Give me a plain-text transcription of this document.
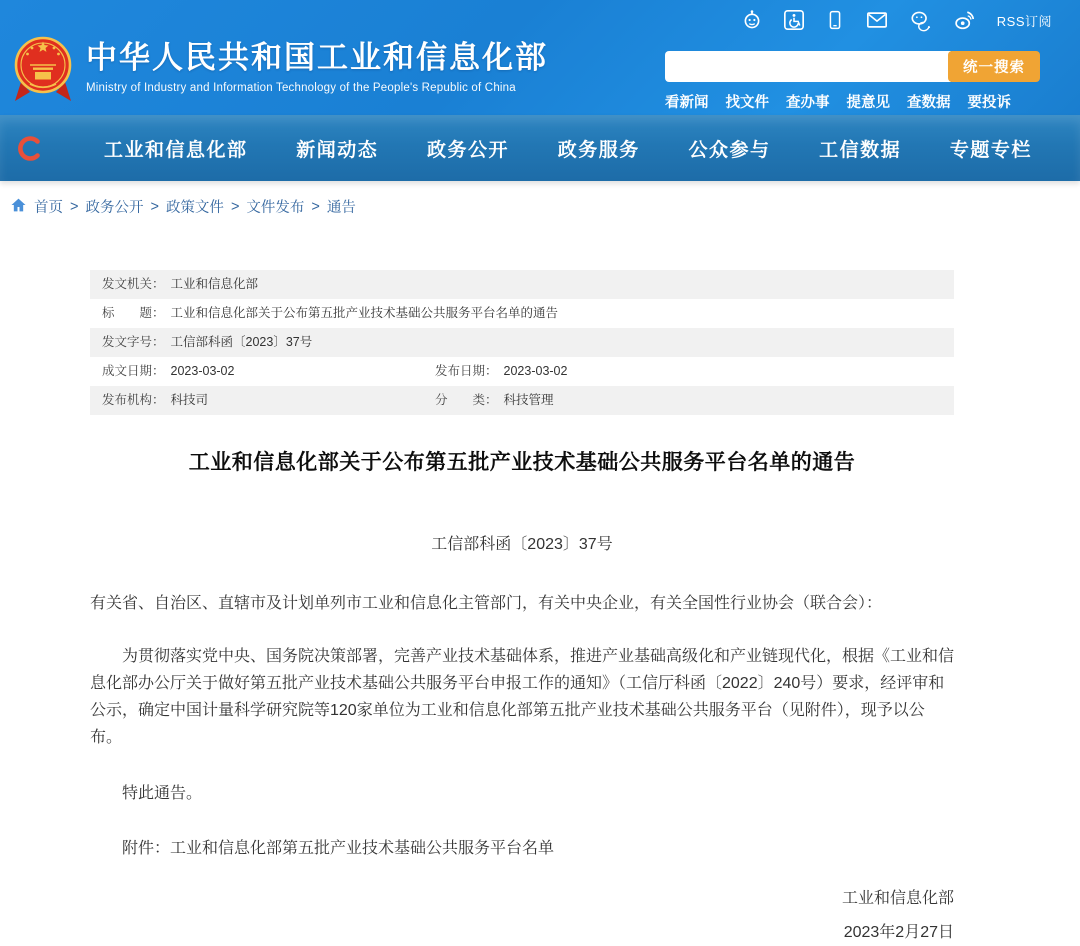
RSS订阅
中华人民共和国工业和信息化部
Ministry of Industry and Information Technology of the People's Republic of China
统一搜索
看新闻 找文件 查办事 提意见 查数据 要投诉
工业和信息化部	新闻动态	政务公开	政务服务	公众参与	工信数据	专题专栏
首页 > 政务公开 > 政策文件 > 文件发布 > 通告
发文机关： 工业和信息化部
标　　题： 工业和信息化部关于公布第五批产业技术基础公共服务平台名单的通告
发文字号： 工信部科函〔2023〕37号
成文日期： 2023-03-02	发布日期： 2023-03-02
发布机构： 科技司	分　　类： 科技管理
工业和信息化部关于公布第五批产业技术基础公共服务平台名单的通告
工信部科函〔2023〕37号

有关省、自治区、直辖市及计划单列市工业和信息化主管部门，有关中央企业，有关全国性行业协会（联合会）：

为贯彻落实党中央、国务院决策部署，完善产业技术基础体系，推进产业基础高级化和产业链现代化，根据《工业和信息化部办公厅关于做好第五批产业技术基础公共服务平台申报工作的通知》（工信厅科函〔2022〕240号）要求，经评审和公示，确定中国计量科学研究院等120家单位为工业和信息化部第五批产业技术基础公共服务平台（见附件），现予以公布。

特此通告。

附件：工业和信息化部第五批产业技术基础公共服务平台名单

工业和信息化部
2023年2月27日
